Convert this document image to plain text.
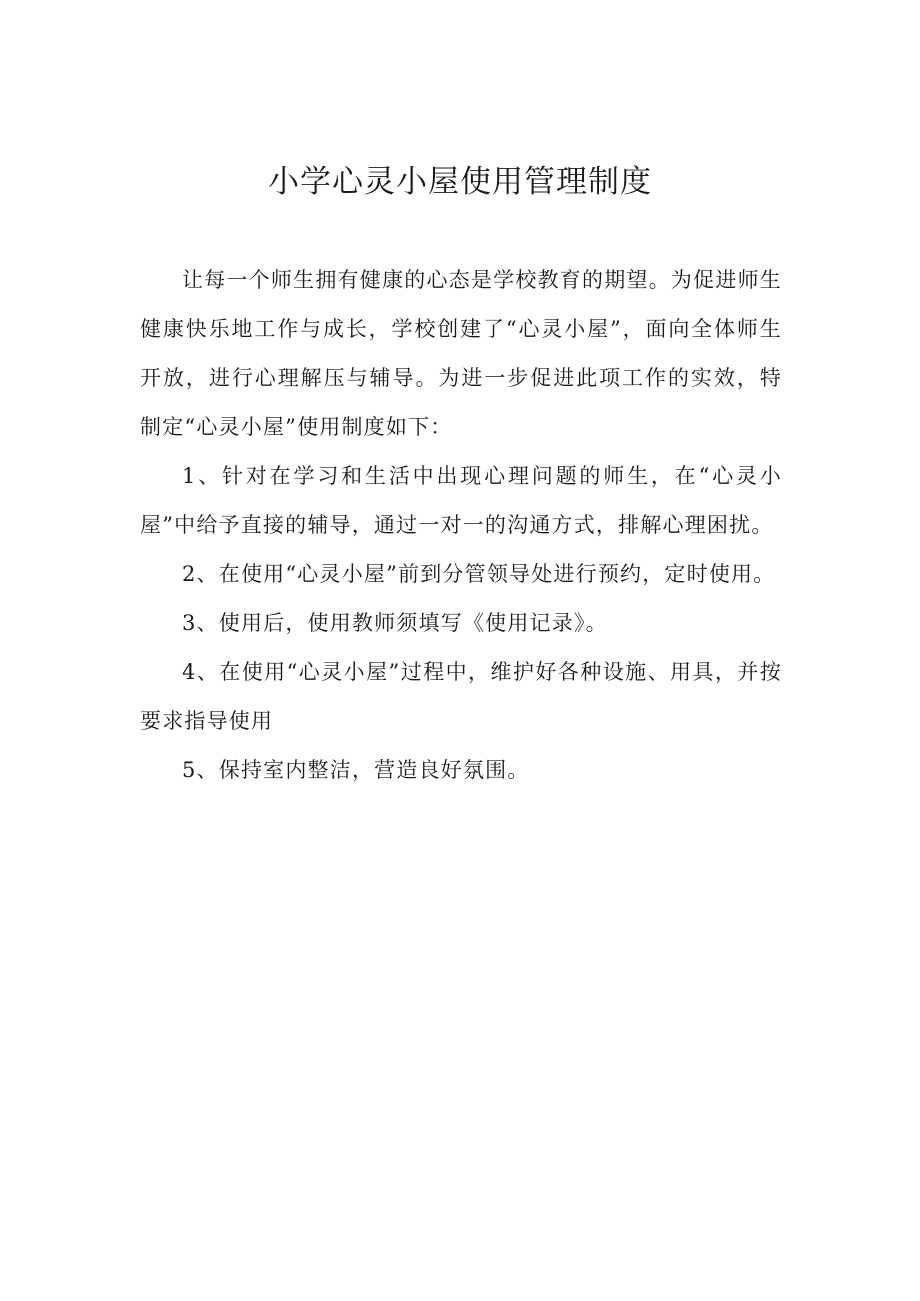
小学心灵小屋使用管理制度

让每一个师生拥有健康的心态是学校教育的期望。为促进师生健康快乐地工作与成长，学校创建了“心灵小屋”，面向全体师生开放，进行心理解压与辅导。为进一步促进此项工作的实效，特制定“心灵小屋”使用制度如下：

1、针对在学习和生活中出现心理问题的师生，在“心灵小屋”中给予直接的辅导，通过一对一的沟通方式，排解心理困扰。

2、在使用“心灵小屋”前到分管领导处进行预约，定时使用。

3、使用后，使用教师须填写《使用记录》。

4、在使用“心灵小屋”过程中，维护好各种设施、用具，并按要求指导使用

5、保持室内整洁，营造良好氛围。
